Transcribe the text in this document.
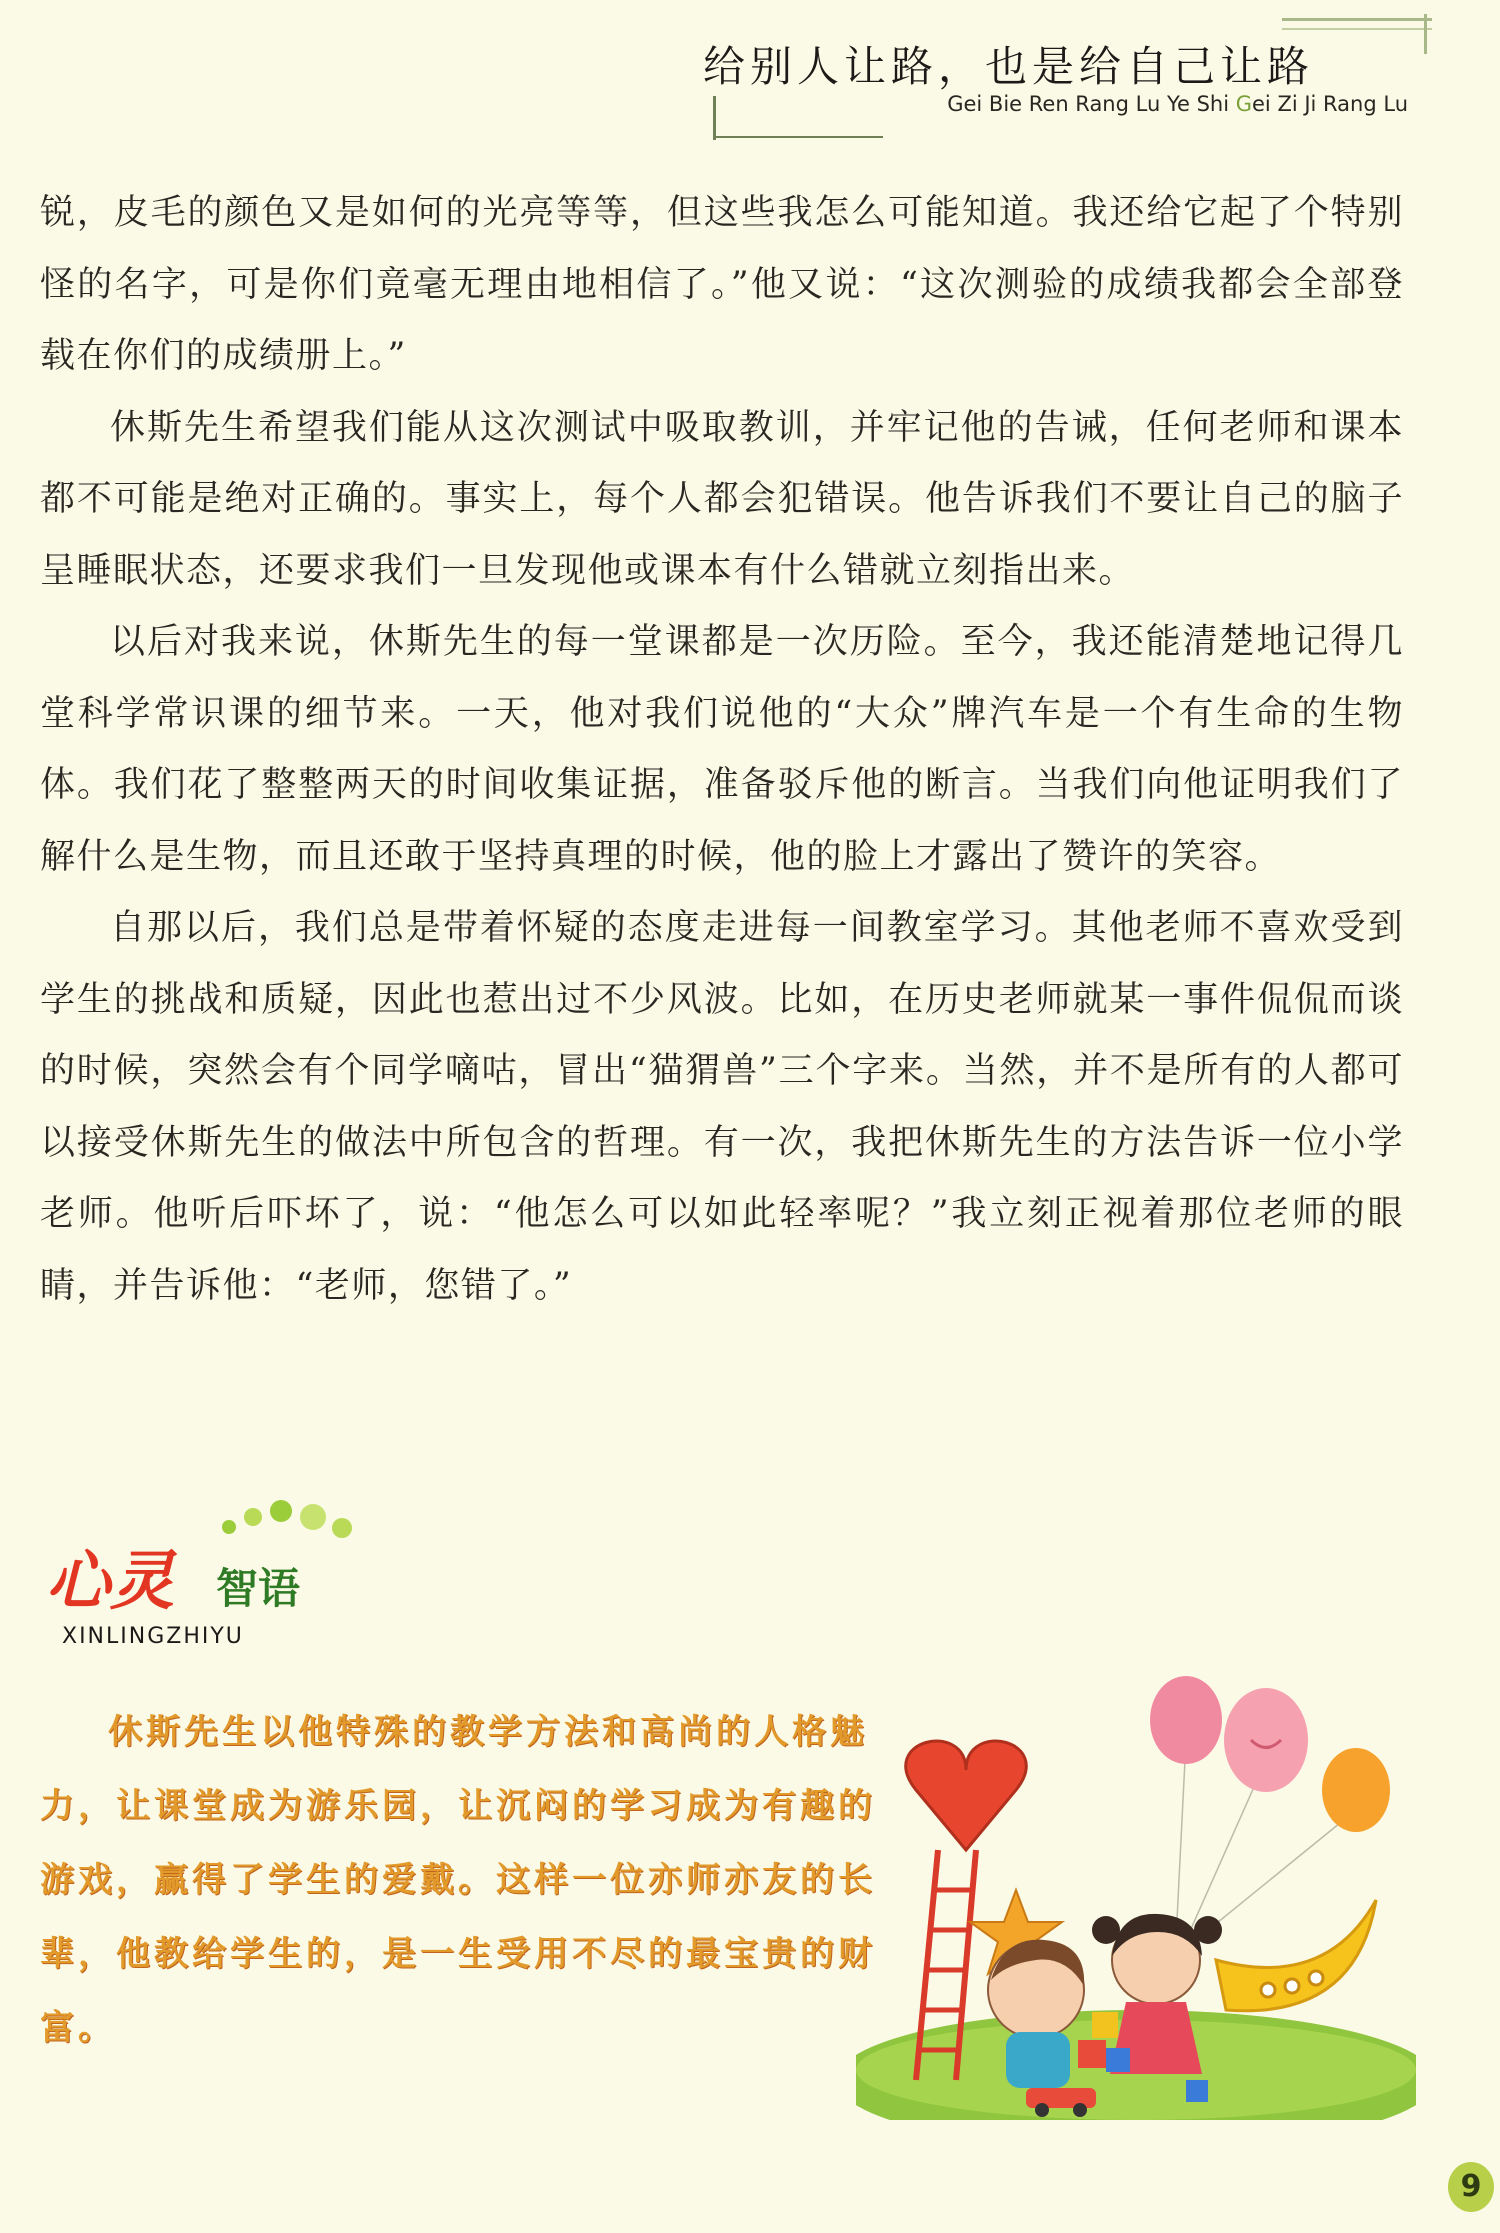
给别人让路，也是给自己让路
Gei Bie Ren Rang Lu Ye Shi Gei Zi Ji Rang Lu

锐，皮毛的颜色又是如何的光亮等等，但这些我怎么可能知道。我还给它起了个特别怪的名字，可是你们竟毫无理由地相信了。”他又说：“这次测验的成绩我都会全部登载在你们的成绩册上。”

休斯先生希望我们能从这次测试中吸取教训，并牢记他的告诫，任何老师和课本都不可能是绝对正确的。事实上，每个人都会犯错误。他告诉我们不要让自己的脑子呈睡眠状态，还要求我们一旦发现他或课本有什么错就立刻指出来。

以后对我来说，休斯先生的每一堂课都是一次历险。至今，我还能清楚地记得几堂科学常识课的细节来。一天，他对我们说他的“大众”牌汽车是一个有生命的生物体。我们花了整整两天的时间收集证据，准备驳斥他的断言。当我们向他证明我们了解什么是生物，而且还敢于坚持真理的时候，他的脸上才露出了赞许的笑容。

自那以后，我们总是带着怀疑的态度走进每一间教室学习。其他老师不喜欢受到学生的挑战和质疑，因此也惹出过不少风波。比如，在历史老师就某一事件侃侃而谈的时候，突然会有个同学嘀咕，冒出“猫猬兽”三个字来。当然，并不是所有的人都可以接受休斯先生的做法中所包含的哲理。有一次，我把休斯先生的方法告诉一位小学老师。他听后吓坏了，说：“他怎么可以如此轻率呢？”我立刻正视着那位老师的眼睛，并告诉他：“老师，您错了。”

心灵 智语
XINLINGZHIYU
休斯先生以他特殊的教学方法和高尚的人格魅力，让课堂成为游乐园，让沉闷的学习成为有趣的游戏，赢得了学生的爱戴。这样一位亦师亦友的长辈，他教给学生的，是一生受用不尽的最宝贵的财富。
9
